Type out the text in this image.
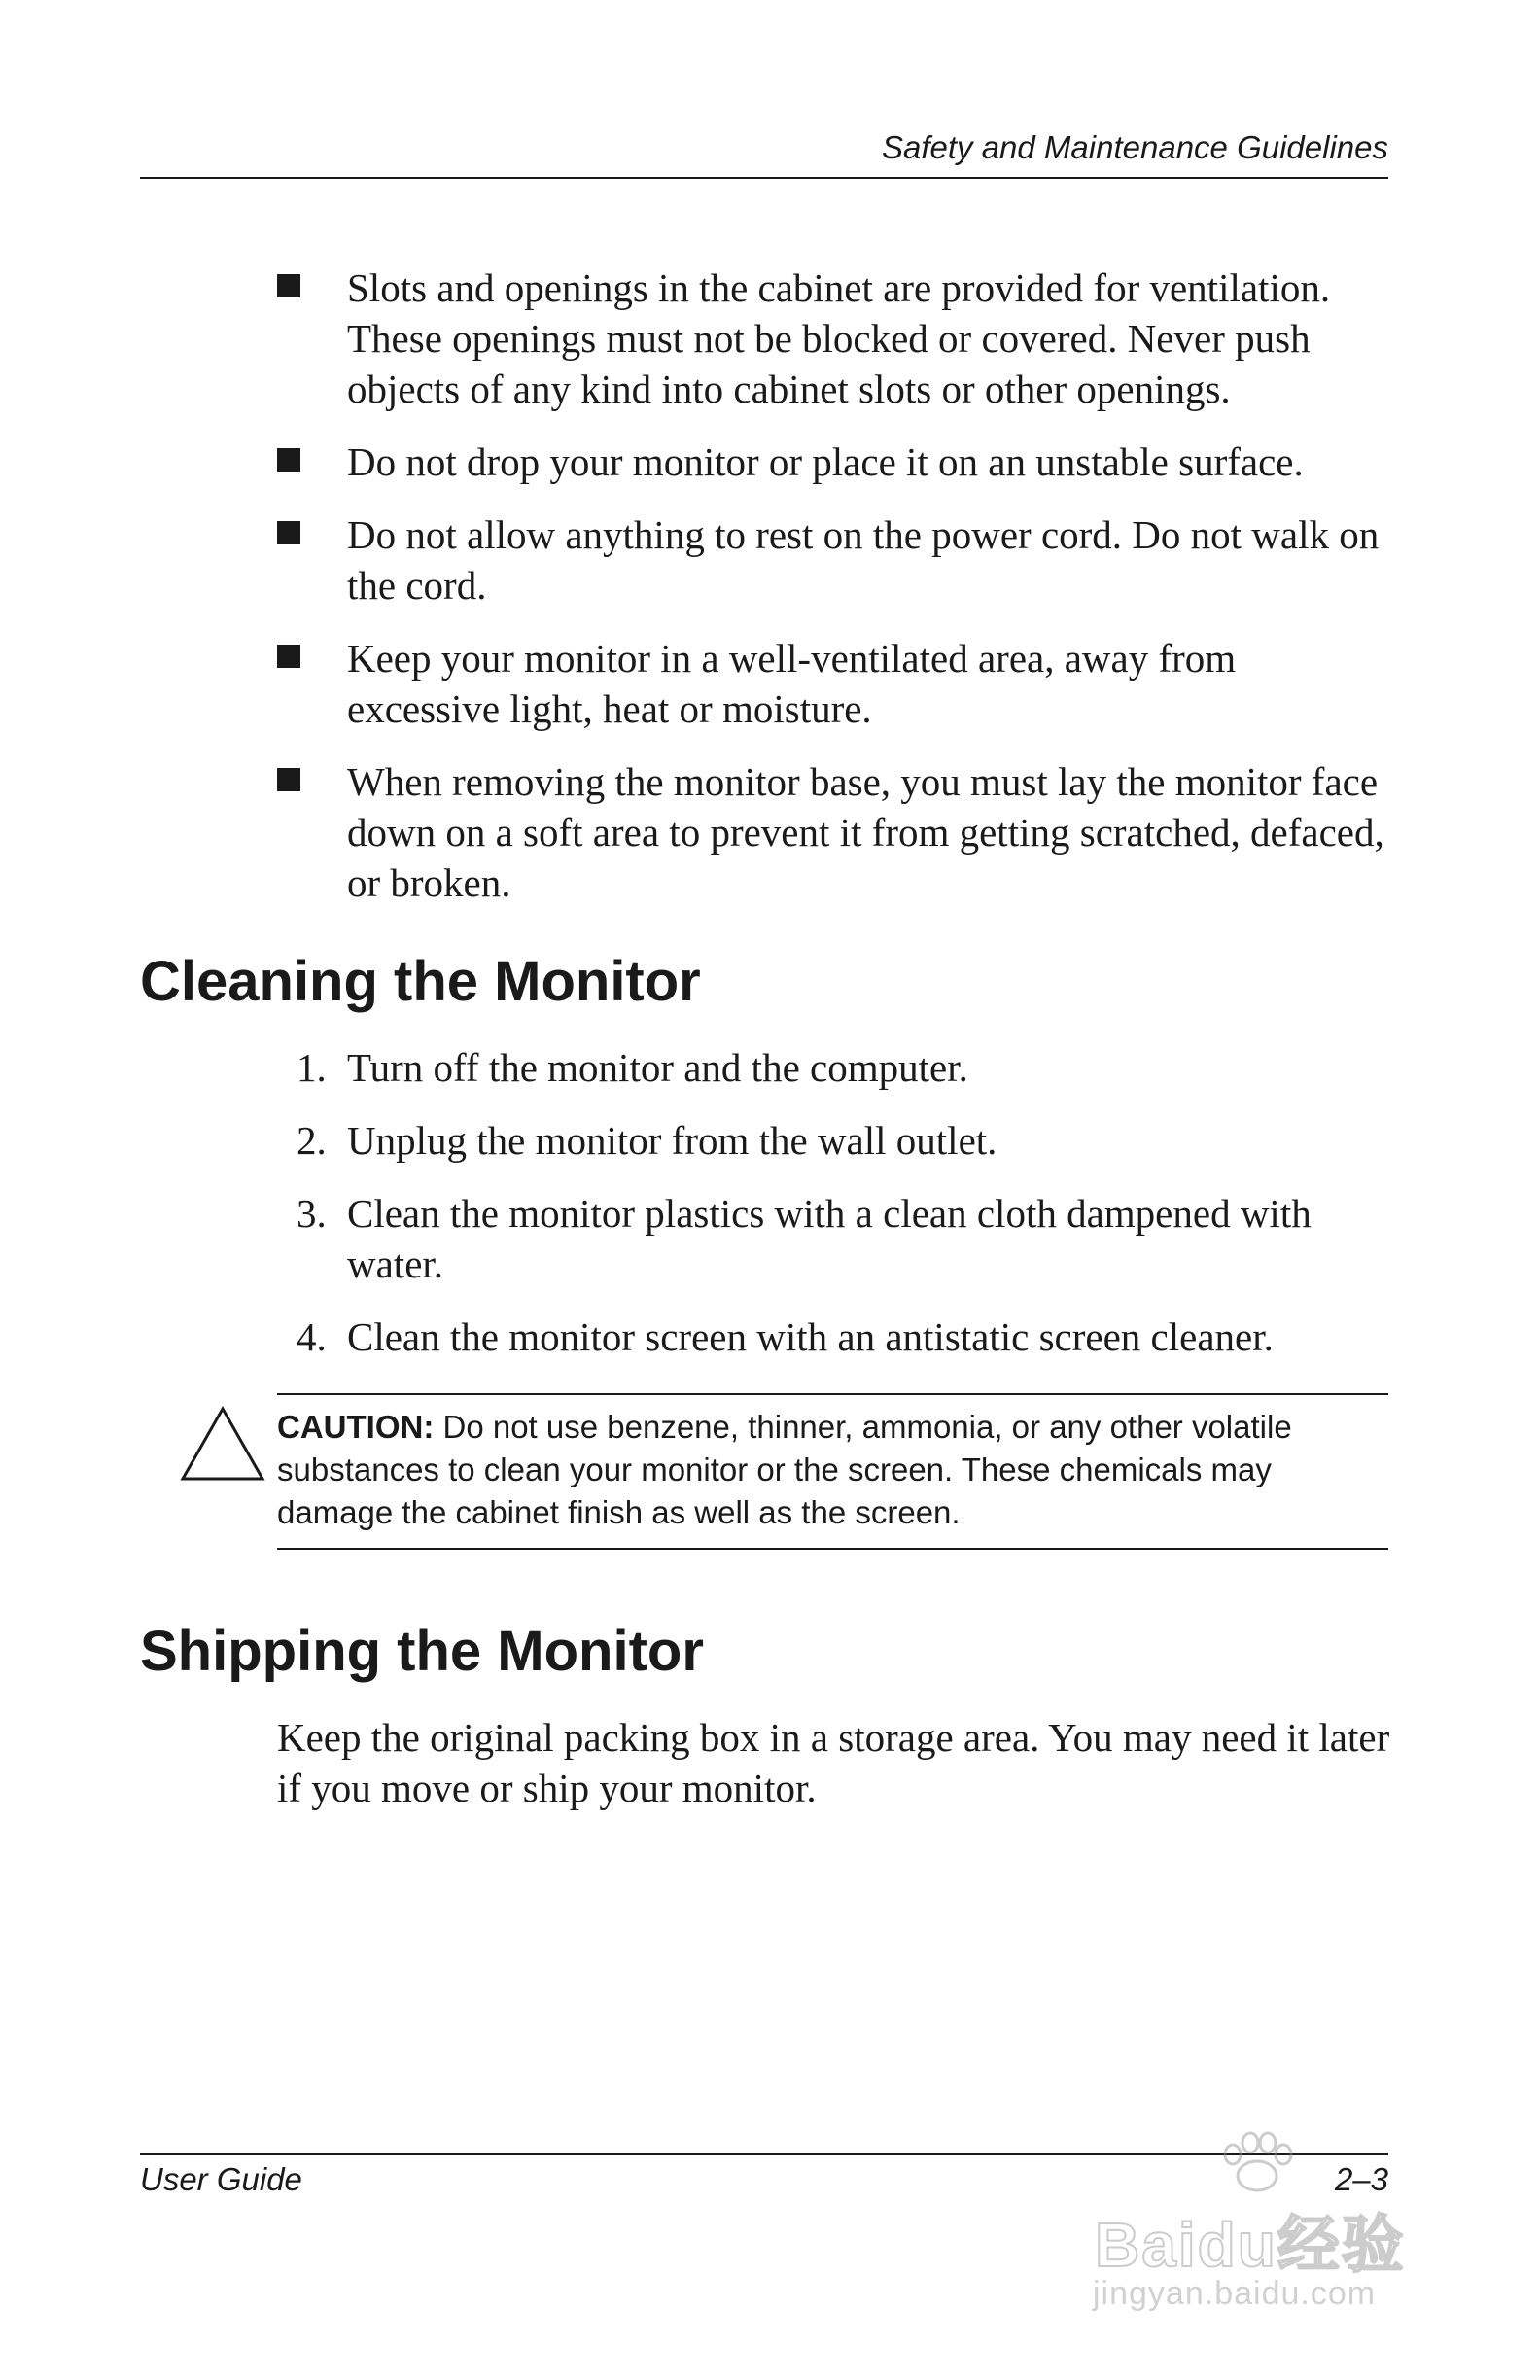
Safety and Maintenance Guidelines
Slots and openings in the cabinet are provided for ventilation. These openings must not be blocked or covered. Never push objects of any kind into cabinet slots or other openings.
Do not drop your monitor or place it on an unstable surface.
Do not allow anything to rest on the power cord. Do not walk on the cord.
Keep your monitor in a well-ventilated area, away from excessive light, heat or moisture.
When removing the monitor base, you must lay the monitor face down on a soft area to prevent it from getting scratched, defaced, or broken.
Cleaning the Monitor
1. Turn off the monitor and the computer.
2. Unplug the monitor from the wall outlet.
3. Clean the monitor plastics with a clean cloth dampened with water.
4. Clean the monitor screen with an antistatic screen cleaner.
CAUTION: Do not use benzene, thinner, ammonia, or any other volatile substances to clean your monitor or the screen. These chemicals may damage the cabinet finish as well as the screen.
Shipping the Monitor

Keep the original packing box in a storage area. You may need it later if you move or ship your monitor.

User Guide	2–3
Baidu经验
jingyan.baidu.com
